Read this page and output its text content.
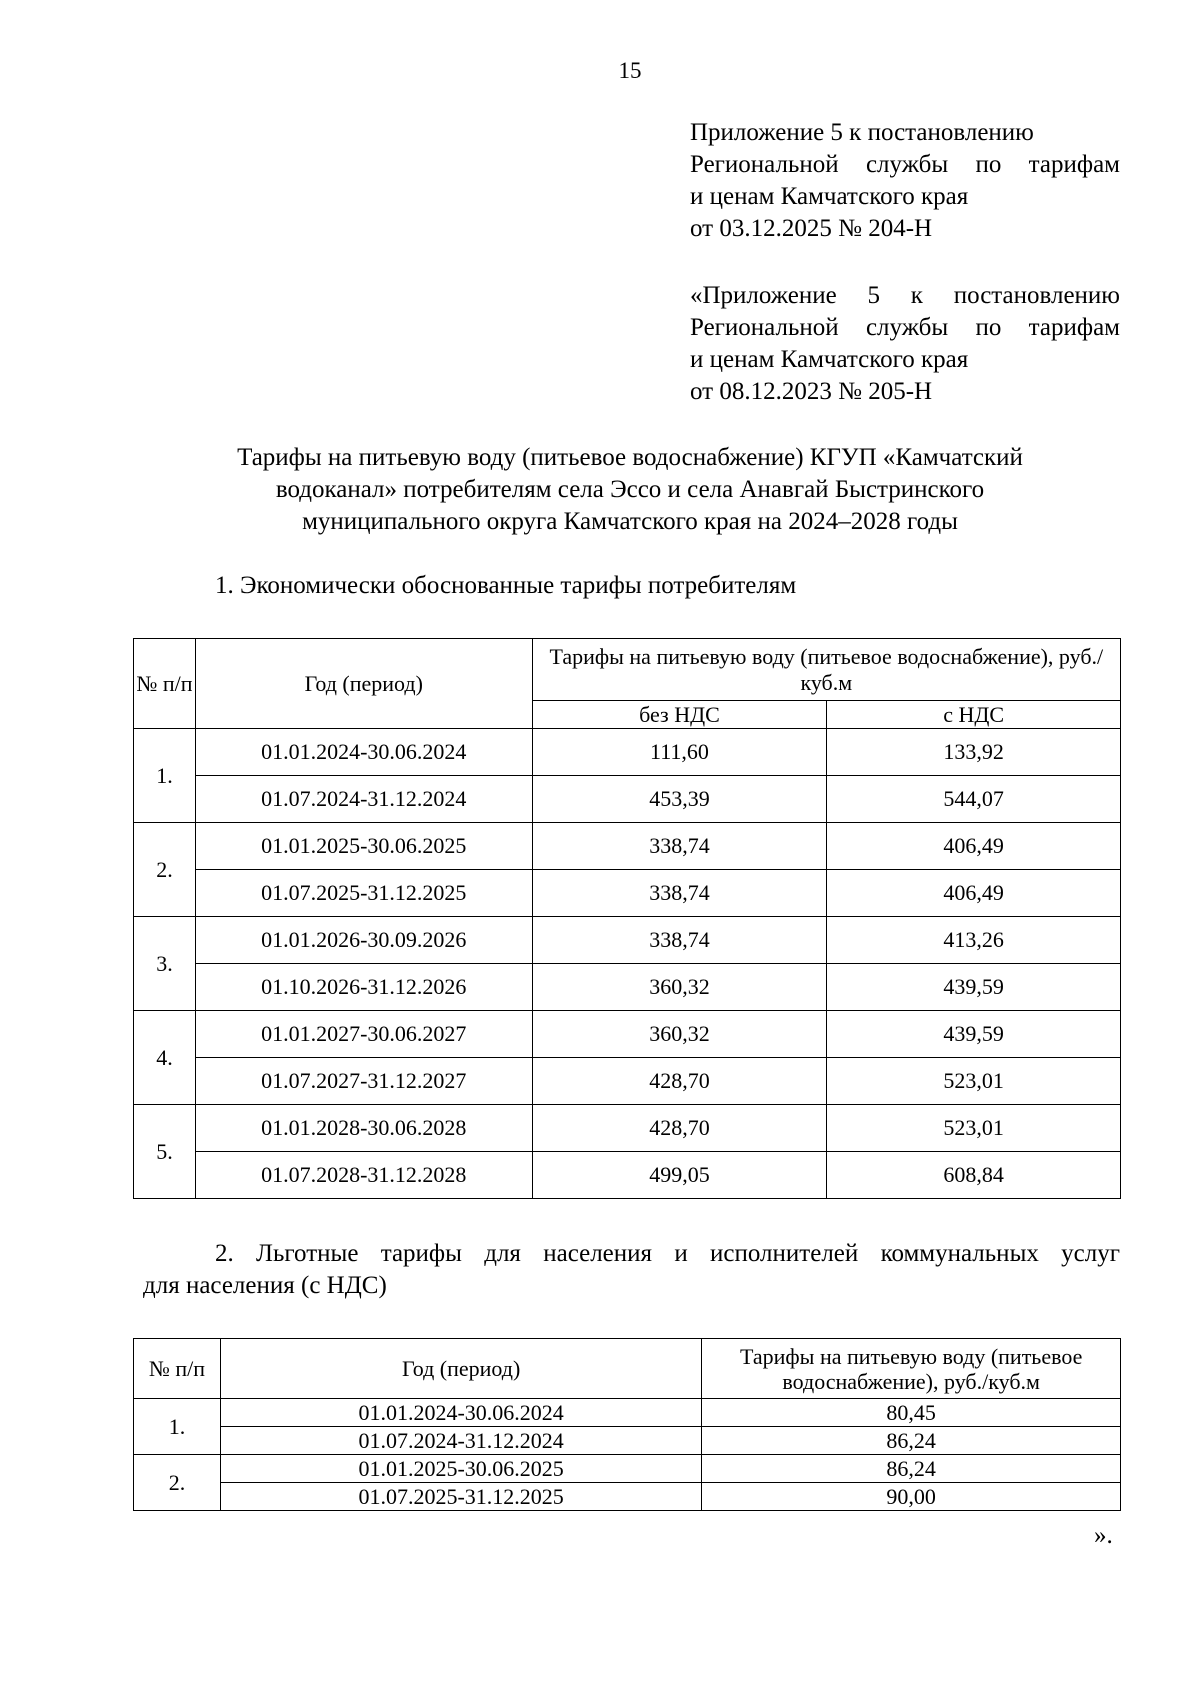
15
Приложение 5 к постановлению
Региональной службы по тарифам
и ценам Камчатского края
от 03.12.2025 № 204-Н
«Приложение 5 к постановлению
Региональной службы по тарифам
и ценам Камчатского края
от 08.12.2023 № 205-Н
Тарифы на питьевую воду (питьевое водоснабжение) КГУП «Камчатский
водоканал» потребителям села Эссо и села Анавгай Быстринского
муниципального округа Камчатского края на 2024–2028 годы
1. Экономически обоснованные тарифы потребителям
№ п/п	Год (период)	Тарифы на питьевую воду (питьевое водоснабжение), руб./куб.м	
		без НДС	с НДС
1.	01.01.2024-30.06.2024	111,60	133,92
	01.07.2024-31.12.2024	453,39	544,07
2.	01.01.2025-30.06.2025	338,74	406,49
	01.07.2025-31.12.2025	338,74	406,49
3.	01.01.2026-30.09.2026	338,74	413,26
	01.10.2026-31.12.2026	360,32	439,59
4.	01.01.2027-30.06.2027	360,32	439,59
	01.07.2027-31.12.2027	428,70	523,01
5.	01.01.2028-30.06.2028	428,70	523,01
	01.07.2028-31.12.2028	499,05	608,84
2. Льготные тарифы для населения и исполнителей коммунальных услуг
для населения (с НДС)
№ п/п	Год (период)	Тарифы на питьевую воду (питьевое водоснабжение), руб./куб.м
1.	01.01.2024-30.06.2024	80,45
	01.07.2024-31.12.2024	86,24
2.	01.01.2025-30.06.2025	86,24
	01.07.2025-31.12.2025	90,00
».
